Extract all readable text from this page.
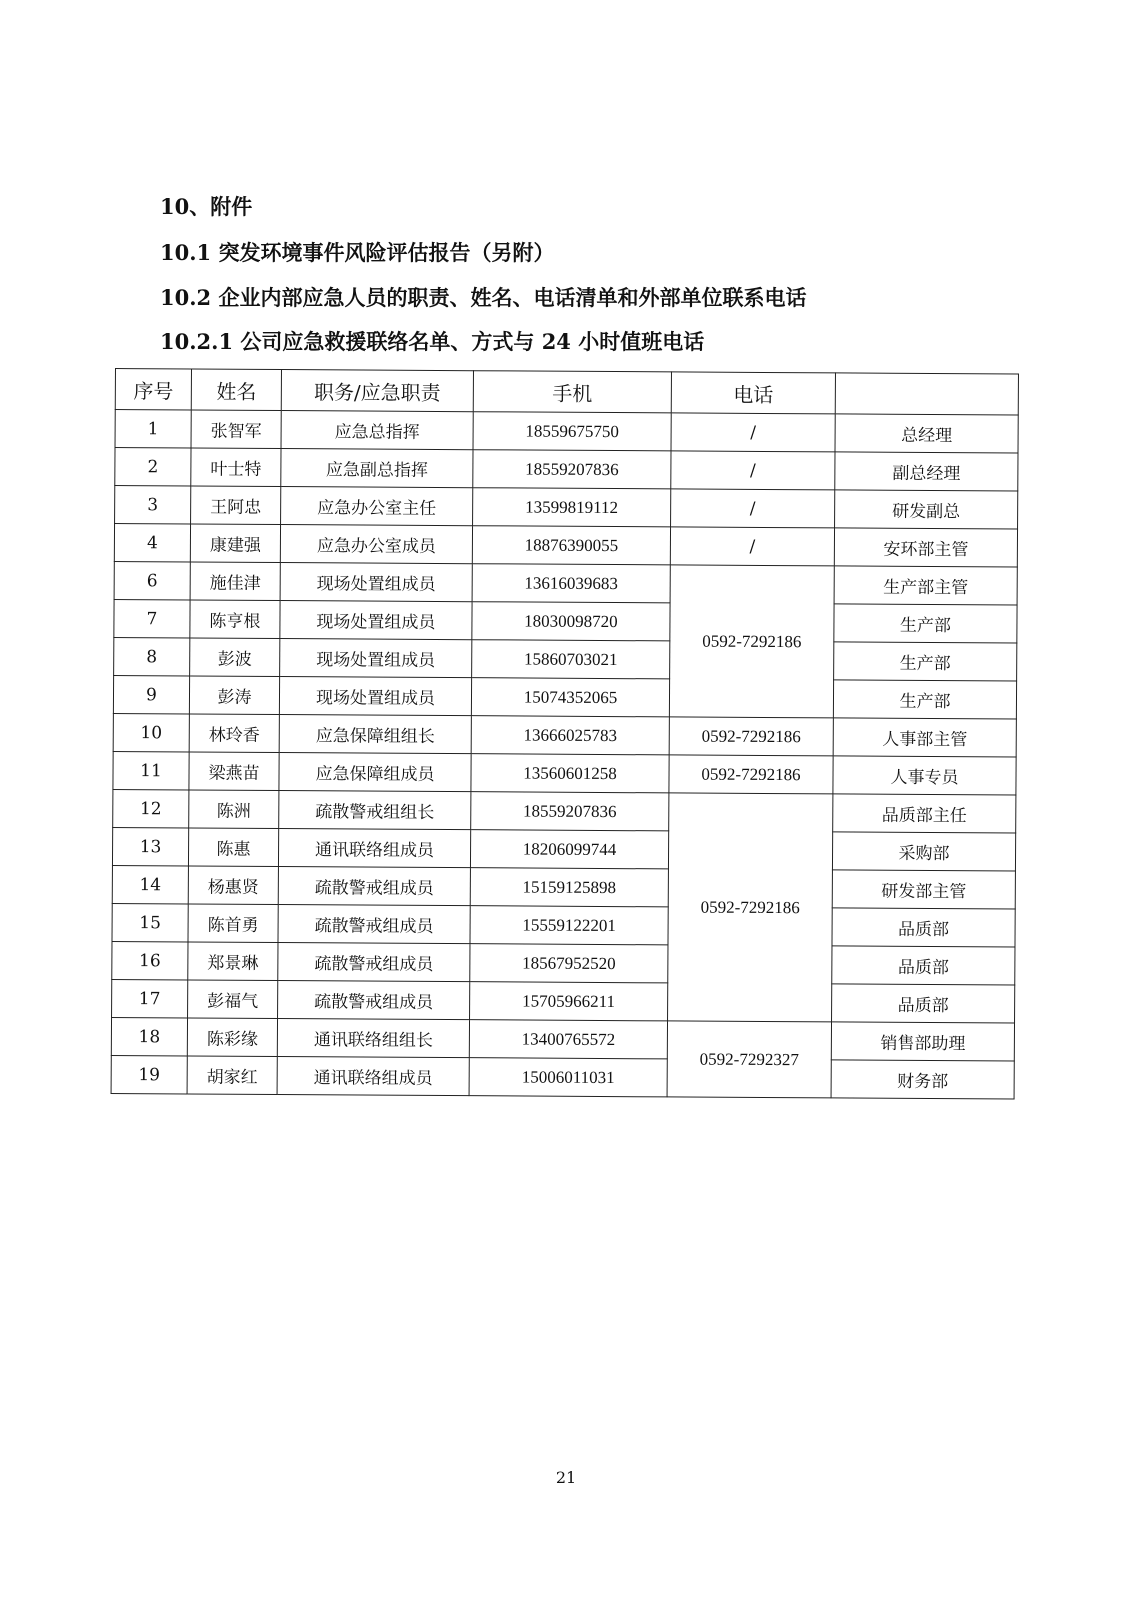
10、附件
10.1 突发环境事件风险评估报告（另附）
10.2 企业内部应急人员的职责、姓名、电话清单和外部单位联系电话
10.2.1 公司应急救援联络名单、方式与 24 小时值班电话
序号	姓名	职务/应急职责	手机	电话	
1	张智军	应急总指挥	18559675750	/	总经理
2	叶士特	应急副总指挥	18559207836	/	副总经理
3	王阿忠	应急办公室主任	13599819112	/	研发副总
4	康建强	应急办公室成员	18876390055	/	安环部主管
6	施佳津	现场处置组成员	13616039683	0592-7292186	生产部主管
7	陈亨根	现场处置组成员	18030098720		生产部
8	彭波	现场处置组成员	15860703021		生产部
9	彭涛	现场处置组成员	15074352065		生产部
10	林玲香	应急保障组组长	13666025783	0592-7292186	人事部主管
11	梁燕苗	应急保障组成员	13560601258	0592-7292186	人事专员
12	陈洲	疏散警戒组组长	18559207836	0592-7292186	品质部主任
13	陈惠	通讯联络组成员	18206099744		采购部
14	杨惠贤	疏散警戒组成员	15159125898		研发部主管
15	陈首勇	疏散警戒组成员	15559122201		品质部
16	郑景琳	疏散警戒组成员	18567952520		品质部
17	彭福气	疏散警戒组成员	15705966211		品质部
18	陈彩缘	通讯联络组组长	13400765572	0592-7292327	销售部助理
19	胡家红	通讯联络组成员	15006011031		财务部
21
